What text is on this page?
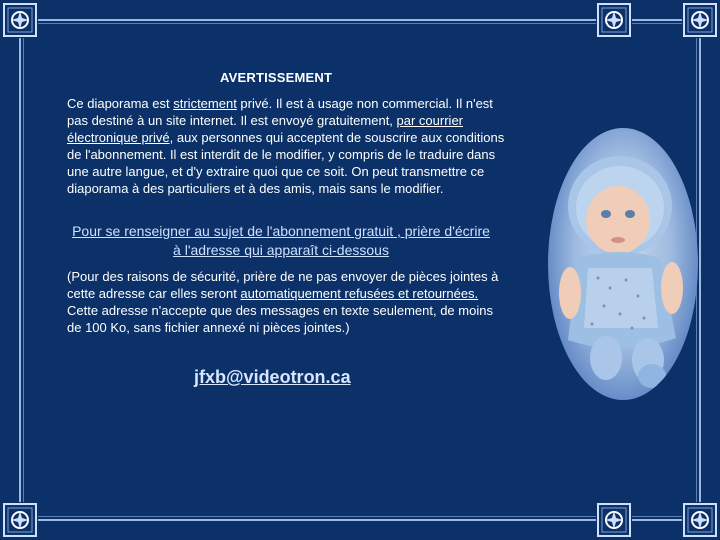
AVERTISSEMENT
Ce diaporama est strictement privé. Il est à usage non commercial. Il n'est pas destiné à un site internet. Il est envoyé gratuitement, par courrier électronique privé, aux personnes qui acceptent de souscrire aux conditions de l'abonnement. Il est interdit de le modifier, y compris de le traduire dans une autre langue, et d'y extraire quoi que ce soit. On peut transmettre ce diaporama à des particuliers et à des amis, mais sans le modifier.
Pour se renseigner au sujet de l'abonnement gratuit , prière d'écrire à l'adresse qui apparaît ci-dessous
(Pour des raisons de sécurité, prière de ne pas envoyer de pièces jointes à cette adresse car elles seront automatiquement refusées et retournées. Cette adresse n'accepte que des messages en texte seulement, de moins de 100 Ko, sans fichier annexé ni pièces jointes.)
jfxb@videotron.ca
